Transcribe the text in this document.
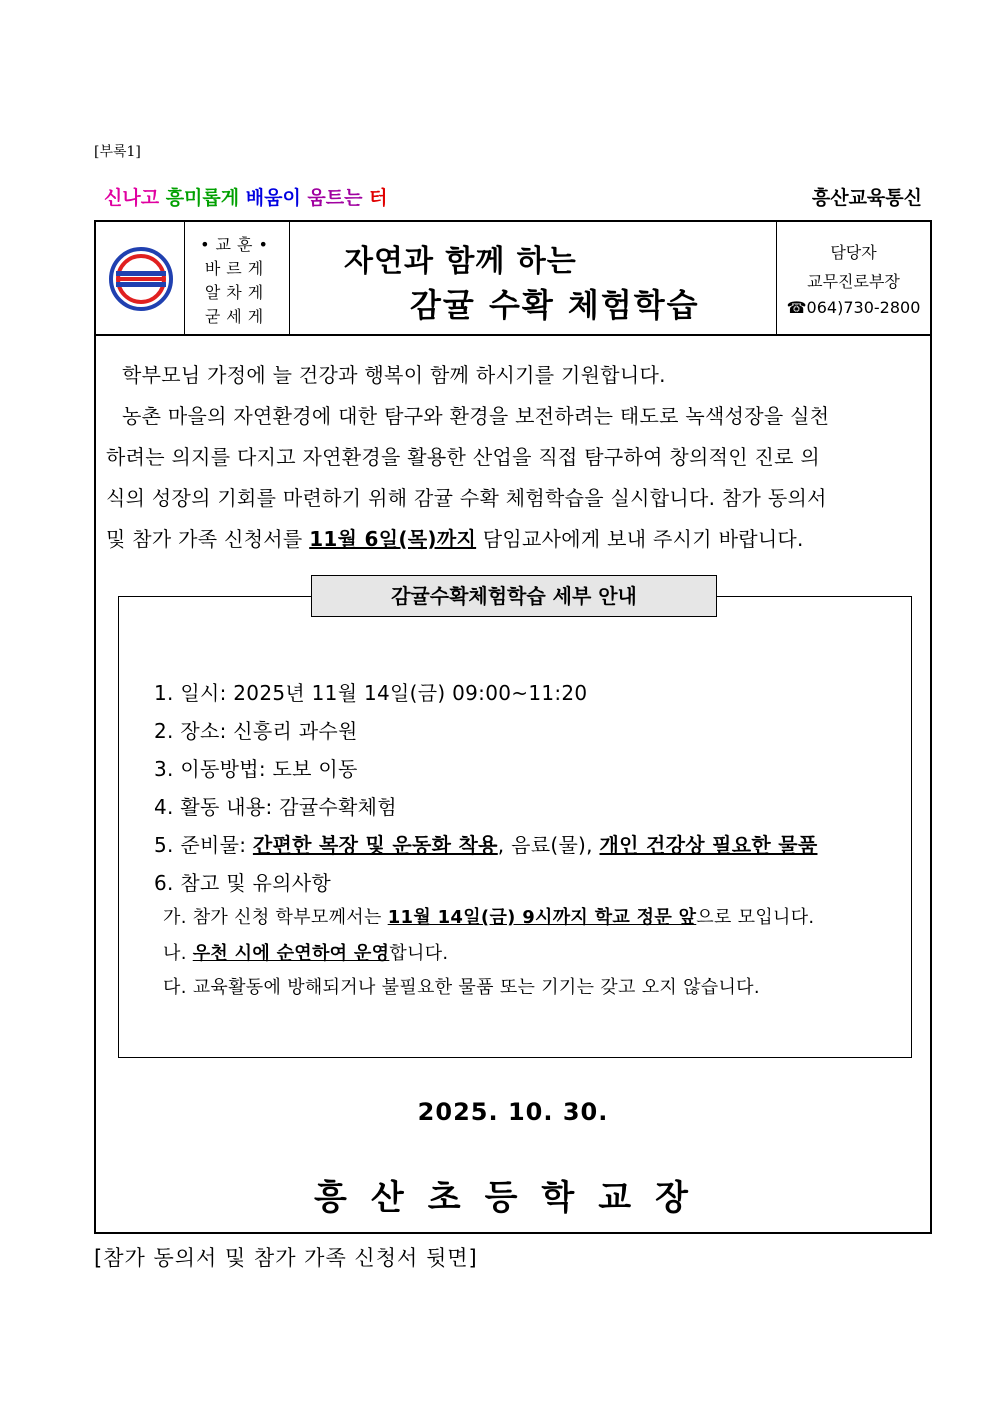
[부록1]
신나고 흥미롭게 배움이 움트는 터	흥산교육통신
•교훈•
바르게
알차게
굳세게
자연과 함께 하는
감귤 수확 체험학습
담당자
교무진로부장
☎064)730-2800
학부모님 가정에 늘 건강과 행복이 함께 하시기를 기원합니다.
농촌 마을의 자연환경에 대한 탐구와 환경을 보전하려는 태도로 녹색성장을 실천
하려는 의지를 다지고 자연환경을 활용한 산업을 직접 탐구하여 창의적인 진로 의
식의 성장의 기회를 마련하기 위해 감귤 수확 체험학습을 실시합니다. 참가 동의서
및 참가 가족 신청서를 11월 6일(목)까지 담임교사에게 보내 주시기 바랍니다.
1. 일시: 2025년 11월 14일(금) 09:00~11:20
2. 장소: 신흥리 과수원
3. 이동방법: 도보 이동
4. 활동 내용: 감귤수확체험
5. 준비물: 간편한 복장 및 운동화 착용, 음료(물), 개인 건강상 필요한 물품
6. 참고 및 유의사항
가. 참가 신청 학부모께서는 11월 14일(금) 9시까지 학교 정문 앞으로 모입니다.
나. 우천 시에 순연하여 운영합니다.
다. 교육활동에 방해되거나 불필요한 물품 또는 기기는 갖고 오지 않습니다.
감귤수확체험학습 세부 안내
2025. 10. 30.
흥산초등학교장
[참가 동의서 및 참가 가족 신청서 뒷면]
